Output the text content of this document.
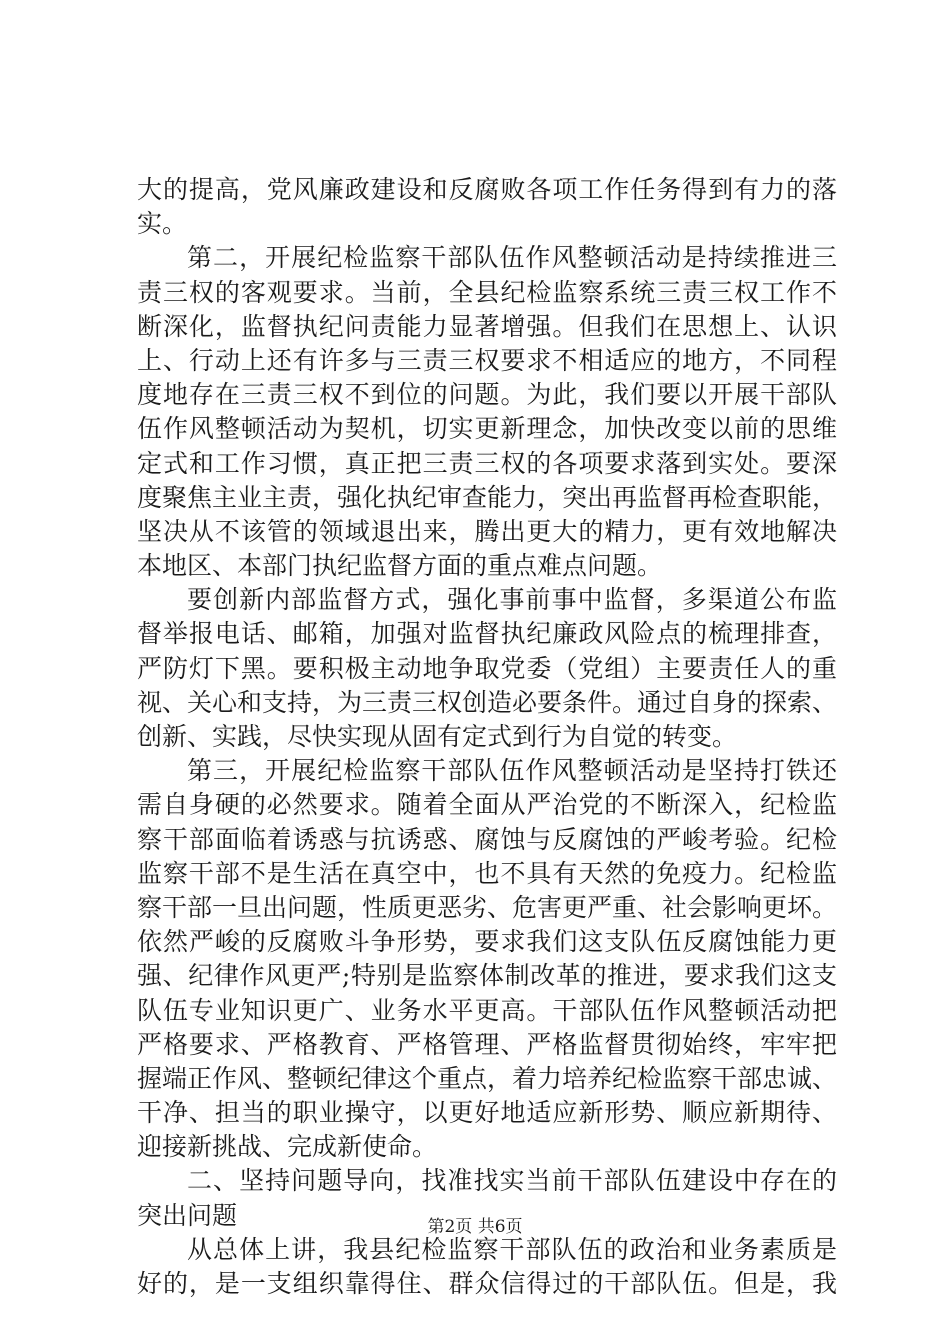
大的提高，党风廉政建设和反腐败各项工作任务得到有力的落
实。
第二，开展纪检监察干部队伍作风整顿活动是持续推进三
责三权的客观要求。当前，全县纪检监察系统三责三权工作不
断深化，监督执纪问责能力显著增强。但我们在思想上、认识
上、行动上还有许多与三责三权要求不相适应的地方，不同程
度地存在三责三权不到位的问题。为此，我们要以开展干部队
伍作风整顿活动为契机，切实更新理念，加快改变以前的思维
定式和工作习惯，真正把三责三权的各项要求落到实处。要深
度聚焦主业主责，强化执纪审查能力，突出再监督再检查职能，
坚决从不该管的领域退出来，腾出更大的精力，更有效地解决
本地区、本部门执纪监督方面的重点难点问题。
要创新内部监督方式，强化事前事中监督，多渠道公布监
督举报电话、邮箱，加强对监督执纪廉政风险点的梳理排查，
严防灯下黑。要积极主动地争取党委（党组）主要责任人的重
视、关心和支持，为三责三权创造必要条件。通过自身的探索、
创新、实践，尽快实现从固有定式到行为自觉的转变。
第三，开展纪检监察干部队伍作风整顿活动是坚持打铁还
需自身硬的必然要求。随着全面从严治党的不断深入，纪检监
察干部面临着诱惑与抗诱惑、腐蚀与反腐蚀的严峻考验。纪检
监察干部不是生活在真空中，也不具有天然的免疫力。纪检监
察干部一旦出问题，性质更恶劣、危害更严重、社会影响更坏。
依然严峻的反腐败斗争形势，要求我们这支队伍反腐蚀能力更
强、纪律作风更严;特别是监察体制改革的推进，要求我们这支
队伍专业知识更广、业务水平更高。干部队伍作风整顿活动把
严格要求、严格教育、严格管理、严格监督贯彻始终，牢牢把
握端正作风、整顿纪律这个重点，着力培养纪检监察干部忠诚、
干净、担当的职业操守，以更好地适应新形势、顺应新期待、
迎接新挑战、完成新使命。
二、坚持问题导向，找准找实当前干部队伍建设中存在的
突出问题
从总体上讲，我县纪检监察干部队伍的政治和业务素质是
好的，是一支组织靠得住、群众信得过的干部队伍。但是，我
第2页 共6页
